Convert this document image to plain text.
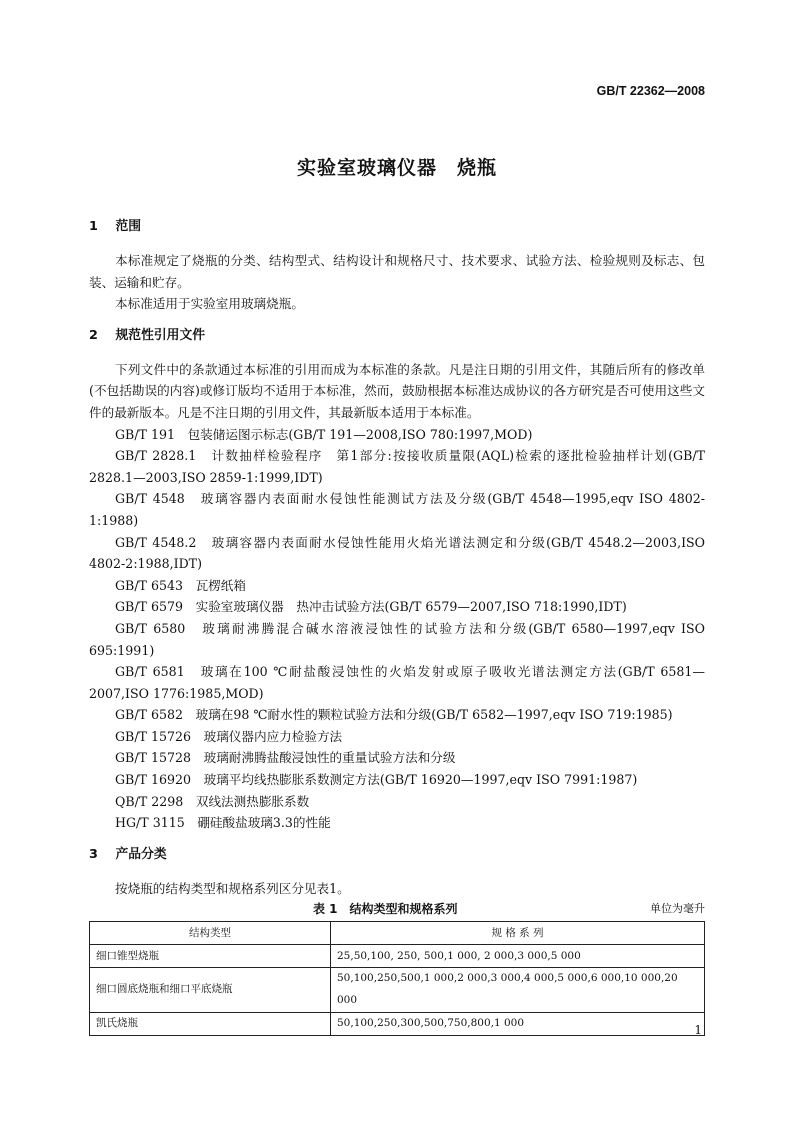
GB/T 22362—2008
实验室玻璃仪器　烧瓶
1 范围

本标准规定了烧瓶的分类、结构型式、结构设计和规格尺寸、技术要求、试验方法、检验规则及标志、包装、运输和贮存。

本标准适用于实验室用玻璃烧瓶。

2 规范性引用文件

下列文件中的条款通过本标准的引用而成为本标准的条款。凡是注日期的引用文件，其随后所有的修改单(不包括勘误的内容)或修订版均不适用于本标准，然而，鼓励根据本标准达成协议的各方研究是否可使用这些文件的最新版本。凡是不注日期的引用文件，其最新版本适用于本标准。

GB/T 191　包装储运图示标志(GB/T 191—2008,ISO 780:1997,MOD)

GB/T 2828.1　计数抽样检验程序　第1部分:按接收质量限(AQL)检索的逐批检验抽样计划(GB/T 2828.1—2003,ISO 2859-1:1999,IDT)

GB/T 4548　玻璃容器内表面耐水侵蚀性能测试方法及分级(GB/T 4548—1995,eqv ISO 4802-1:1988)

GB/T 4548.2　玻璃容器内表面耐水侵蚀性能用火焰光谱法测定和分级(GB/T 4548.2—2003,ISO 4802-2:1988,IDT)

GB/T 6543　瓦楞纸箱

GB/T 6579　实验室玻璃仪器　热冲击试验方法(GB/T 6579—2007,ISO 718:1990,IDT)

GB/T 6580　玻璃耐沸腾混合碱水溶液浸蚀性的试验方法和分级(GB/T 6580—1997,eqv ISO 695:1991)

GB/T 6581　玻璃在100 ℃耐盐酸浸蚀性的火焰发射或原子吸收光谱法测定方法(GB/T 6581—2007,ISO 1776:1985,MOD)

GB/T 6582　玻璃在98 ℃耐水性的颗粒试验方法和分级(GB/T 6582—1997,eqv ISO 719:1985)

GB/T 15726　玻璃仪器内应力检验方法

GB/T 15728　玻璃耐沸腾盐酸浸蚀性的重量试验方法和分级

GB/T 16920　玻璃平均线热膨胀系数测定方法(GB/T 16920—1997,eqv ISO 7991:1987)

QB/T 2298　双线法测热膨胀系数

HG/T 3115　硼硅酸盐玻璃3.3的性能

3 产品分类

按烧瓶的结构类型和规格系列区分见表1。

表 1　结构类型和规格系列	单位为毫升
结构类型	规 格 系 列
细口锥型烧瓶	25,50,100, 250, 500,1 000, 2 000,3 000,5 000
细口圆底烧瓶和细口平底烧瓶	50,100,250,500,1 000,2 000,3 000,4 000,5 000,6 000,10 000,20 000
凯氏烧瓶	50,100,250,300,500,750,800,1 000
1
